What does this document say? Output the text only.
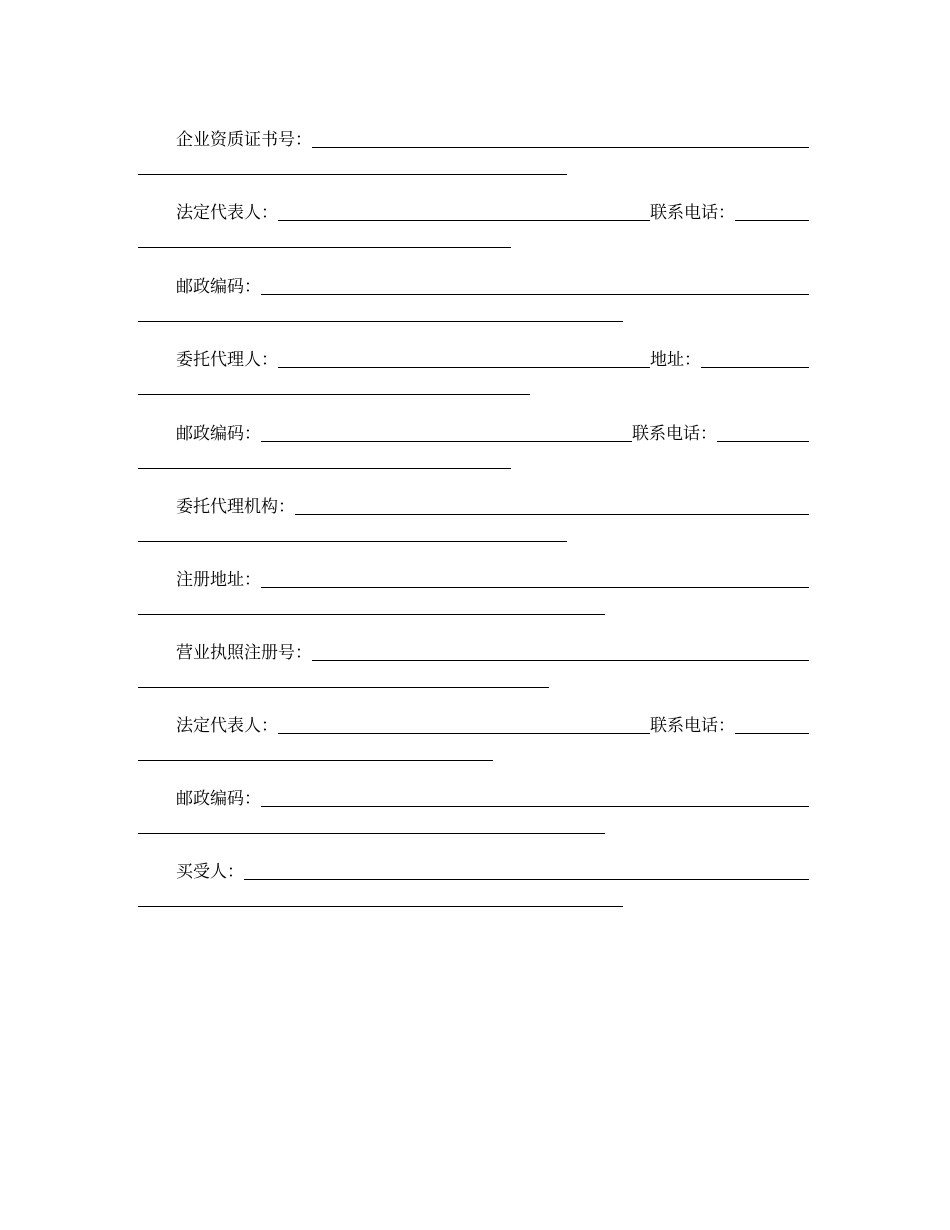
企业资质证书号：
法定代表人：	联系电话：
邮政编码：
委托代理人：	地址：
邮政编码：	联系电话：
委托代理机构：
注册地址：
营业执照注册号：
法定代表人：	联系电话：
邮政编码：
买受人：
